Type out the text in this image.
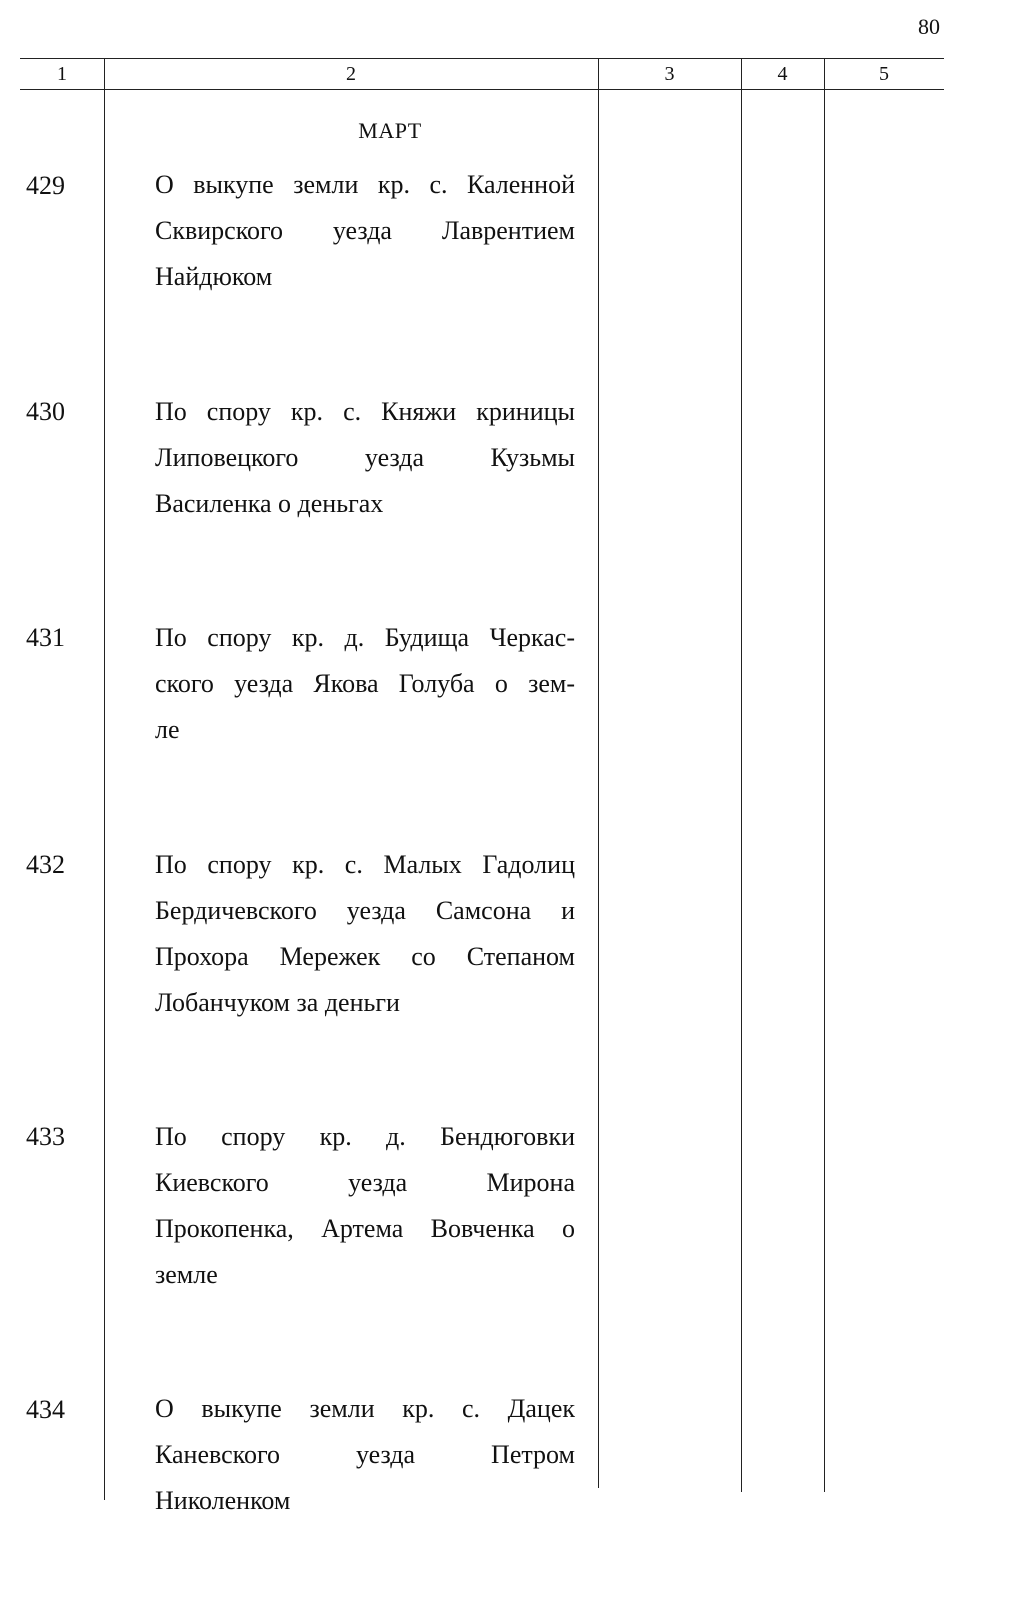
80
1	2	3	4	5
МАРТ
429	О выкупе земли кр. с. Каленной
Сквирского уезда Лаврентием
Найдюком
430	По спору кр. с. Княжи криницы
Липовецкого уезда Кузьмы
Василенка о деньгах
431	По спору кр. д. Будища Черкас-
ского уезда Якова Голуба о зем-
ле
432	По спору кр. с. Малых Гадолиц
Бердичевского уезда Самсона и
Прохора Мережек со Степаном
Лобанчуком за деньги
433	По спору кр. д. Бендюговки
Киевского уезда Мирона
Прокопенка, Артема Вовченка о
земле
434	О выкупе земли кр. с. Дацек
Каневского уезда Петром
Николенком
